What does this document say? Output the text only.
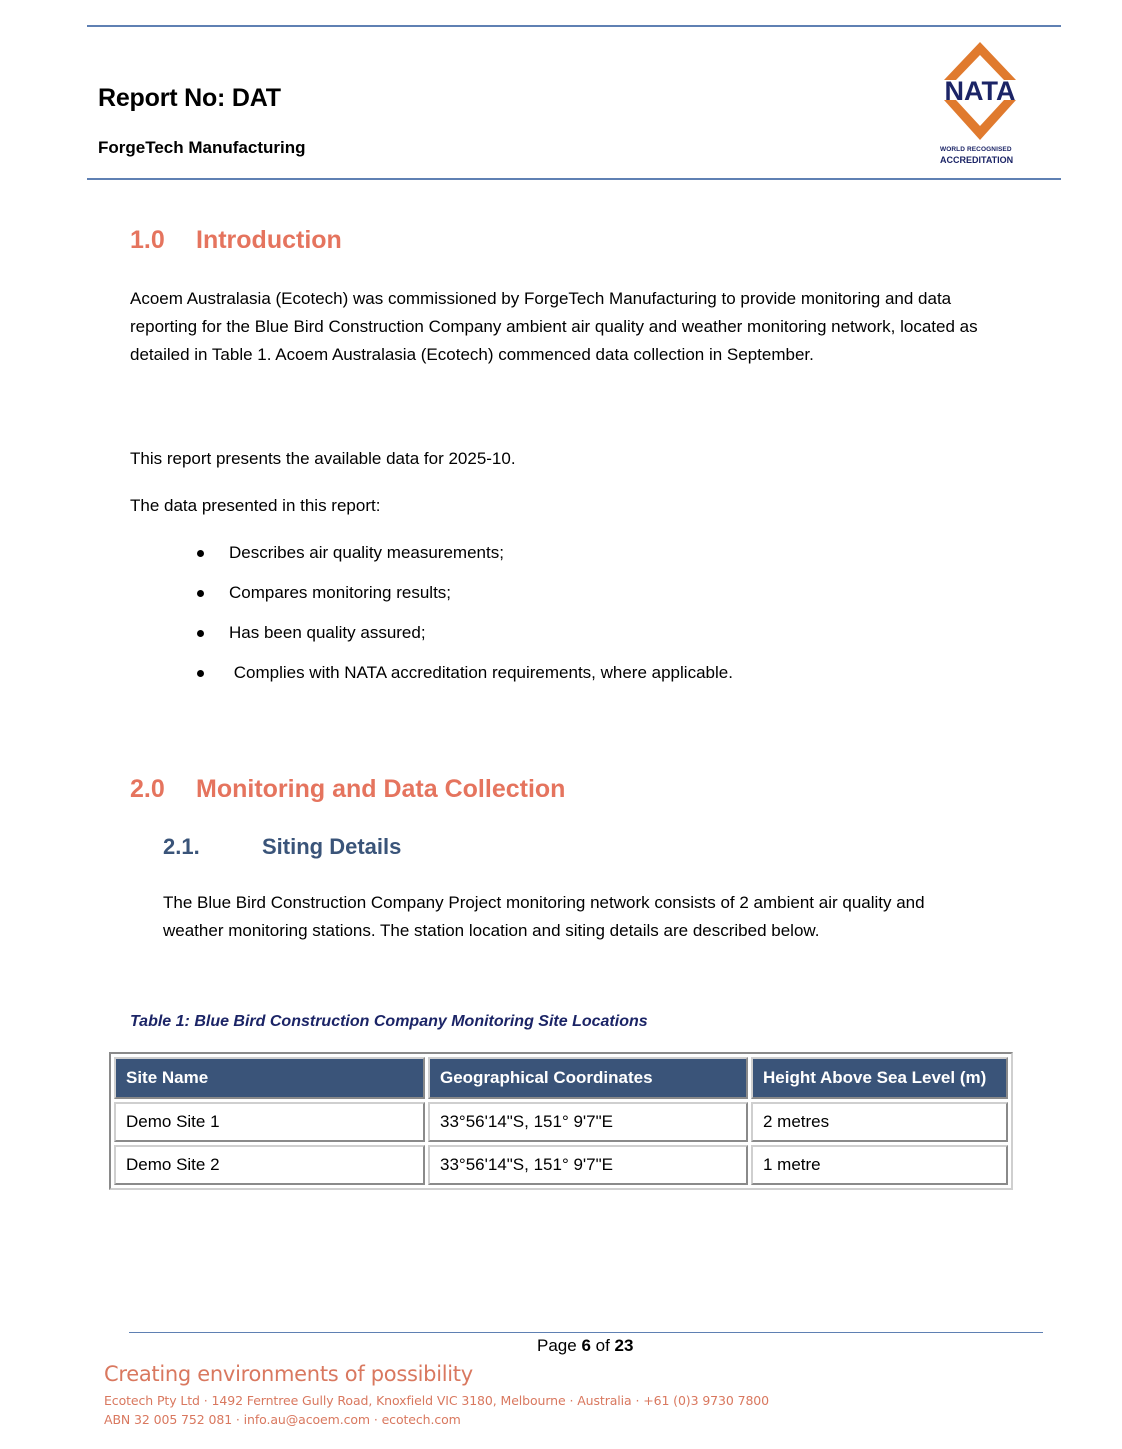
Report No: DAT
ForgeTech Manufacturing
NATA
WORLD RECOGNISED
ACCREDITATION
1.0 Introduction
Acoem Australasia (Ecotech) was commissioned by ForgeTech Manufacturing to provide monitoring and data reporting for the Blue Bird Construction Company ambient air quality and weather monitoring network, located as detailed in Table 1. Acoem Australasia (Ecotech) commenced data collection in September.
This report presents the available data for 2025-10.
The data presented in this report:
Describes air quality measurements;
Compares monitoring results;
Has been quality assured;
Complies with NATA accreditation requirements, where applicable.
2.0 Monitoring and Data Collection
2.1.	Siting Details
The Blue Bird Construction Company Project monitoring network consists of 2 ambient air quality and weather monitoring stations. The station location and siting details are described below.
Table 1: Blue Bird Construction Company Monitoring Site Locations
Site Name	Geographical Coordinates	Height Above Sea Level (m)
Demo Site 1	33°56'14"S, 151° 9'7"E	2 metres
Demo Site 2	33°56'14"S, 151° 9'7"E	1 metre
Page 6 of 23
Creating environments of possibility
Ecotech Pty Ltd · 1492 Ferntree Gully Road, Knoxfield VIC 3180, Melbourne · Australia · +61 (0)3 9730 7800
ABN 32 005 752 081 · info.au@acoem.com · ecotech.com
